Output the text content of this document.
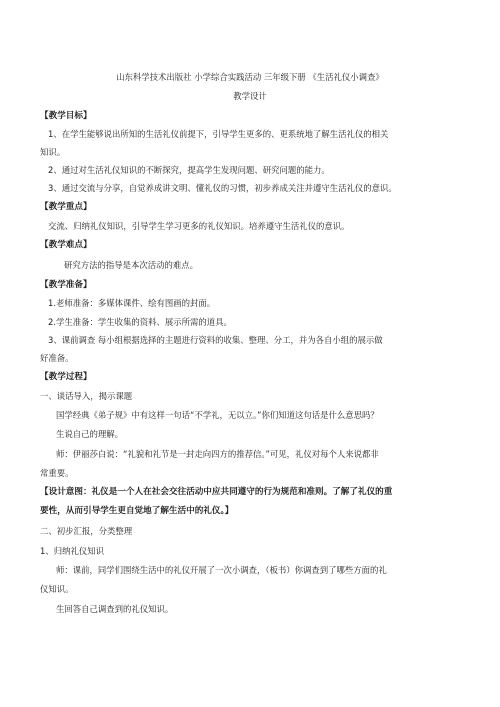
山东科学技术出版社 小学综合实践活动 三年级下册 《生活礼仪小调查》
教学设计
【教学目标】
1、在学生能够说出所知的生活礼仪前提下，引导学生更多的、更系统地了解生活礼仪的相关
知识。
2、通过对生活礼仪知识的不断探究，提高学生发现问题、研究问题的能力。
3、通过交流与分享，自觉养成讲文明、懂礼仪的习惯，初步养成关注并遵守生活礼仪的意识。
【教学重点】
交流、归纳礼仪知识，引导学生学习更多的礼仪知识。培养遵守生活礼仪的意识。
【教学难点】
研究方法的指导是本次活动的难点。
【教学准备】
1.老师准备：多媒体课件、绘有图画的封面。
2.学生准备：学生收集的资料、展示所需的道具。
3、课前调查 每小组根据选择的主题进行资料的收集、整理、分工，并为各自小组的展示做
好准备。
【教学过程】
一、谈话导入，揭示课题
国学经典《弟子规》中有这样一句话“不学礼，无以立。”你们知道这句话是什么意思吗？
生说自己的理解。
师：伊丽莎白说：“礼貌和礼节是一封走向四方的推荐信。”可见，礼仪对每个人来说都非
常重要。
【设计意图：礼仪是一个人在社会交往活动中应共同遵守的行为规范和准则。了解了礼仪的重
要性，从而引导学生更自觉地了解生活中的礼仪。】
二、初步汇报，分类整理
1、归纳礼仪知识
师：课前，同学们围绕生活中的礼仪开展了一次小调查，（板书）你调查到了哪些方面的礼
仪知识。
生回答自己调查到的礼仪知识。
